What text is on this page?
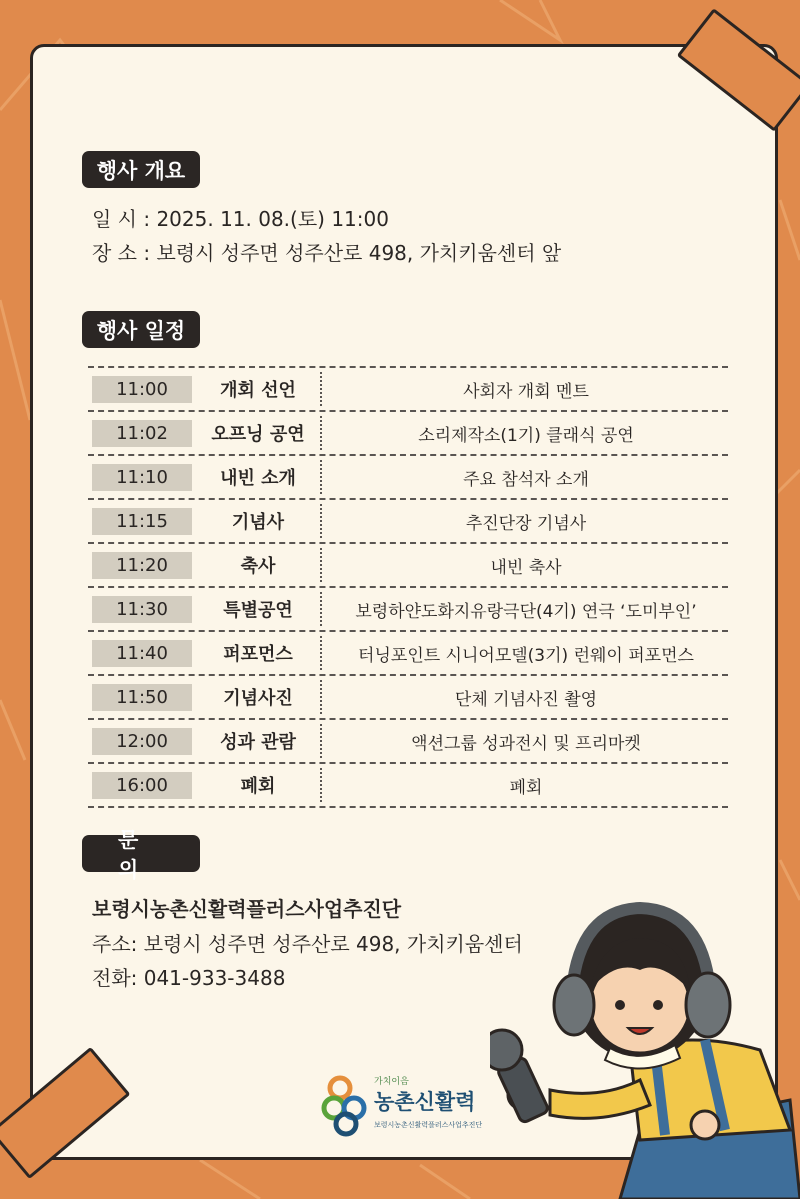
행사 개요
일 시 : 2025. 11. 08.(토) 11:00
장 소 : 보령시 성주면 성주산로 498, 가치키움센터 앞
행사 일정
11:00	개회 선언	사회자 개회 멘트
11:02	오프닝 공연	소리제작소(1기) 클래식 공연
11:10	내빈 소개	주요 참석자 소개
11:15	기념사	추진단장 기념사
11:20	축사	내빈 축사
11:30	특별공연	보령하얀도화지유랑극단(4기) 연극 ‘도미부인’
11:40	퍼포먼스	터닝포인트 시니어모델(3기) 런웨이 퍼포먼스
11:50	기념사진	단체 기념사진 촬영
12:00	성과 관람	액션그룹 성과전시 및 프리마켓
16:00	폐회	폐회
문의
보령시농촌신활력플러스사업추진단
주소: 보령시 성주면 성주산로 498, 가치키움센터
전화: 041-933-3488
가치이음
농촌신활력
보령시농촌신활력플러스사업추진단
